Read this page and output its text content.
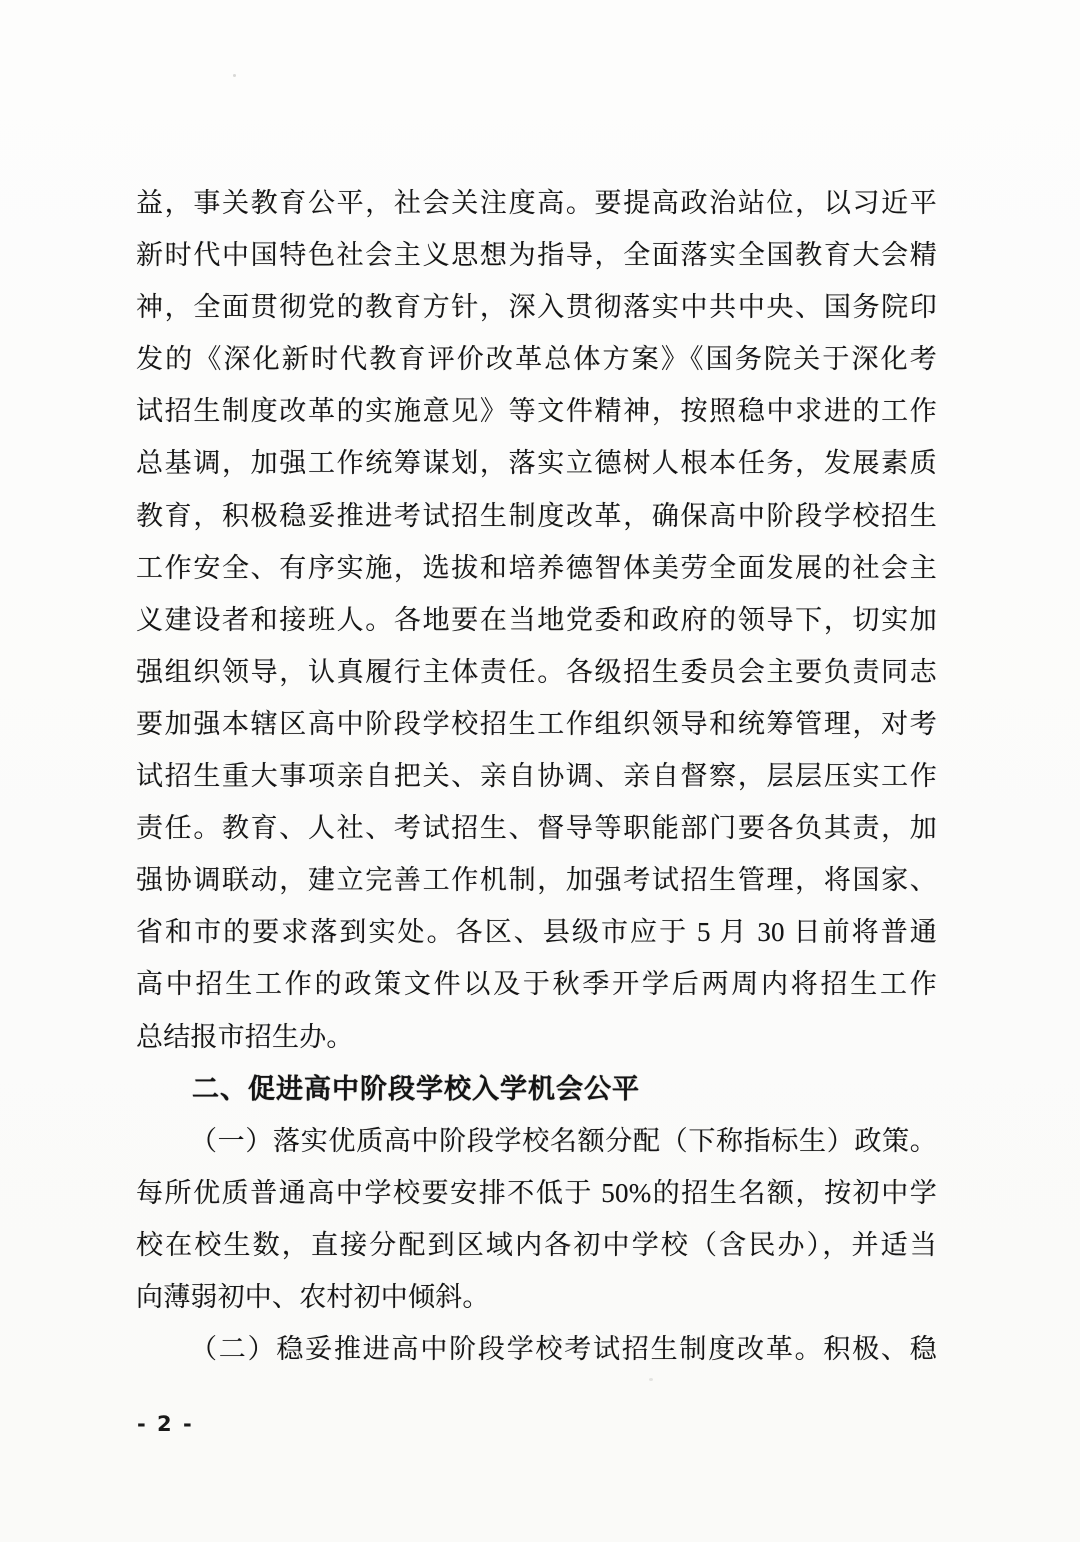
益，事关教育公平，社会关注度高。要提高政治站位，以习近平
新时代中国特色社会主义思想为指导，全面落实全国教育大会精
神，全面贯彻党的教育方针，深入贯彻落实中共中央、国务院印
发的《深化新时代教育评价改革总体方案》《国务院关于深化考
试招生制度改革的实施意见》等文件精神，按照稳中求进的工作
总基调，加强工作统筹谋划，落实立德树人根本任务，发展素质
教育，积极稳妥推进考试招生制度改革，确保高中阶段学校招生
工作安全、有序实施，选拔和培养德智体美劳全面发展的社会主
义建设者和接班人。各地要在当地党委和政府的领导下，切实加
强组织领导，认真履行主体责任。各级招生委员会主要负责同志
要加强本辖区高中阶段学校招生工作组织领导和统筹管理，对考
试招生重大事项亲自把关、亲自协调、亲自督察，层层压实工作
责任。教育、人社、考试招生、督导等职能部门要各负其责，加
强协调联动，建立完善工作机制，加强考试招生管理，将国家、
省和市的要求落到实处。各区、县级市应于 5 月 30 日前将普通
高中招生工作的政策文件以及于秋季开学后两周内将招生工作
总结报市招生办。
二、促进高中阶段学校入学机会公平
（一）落实优质高中阶段学校名额分配（下称指标生）政策。
每所优质普通高中学校要安排不低于 50%的招生名额，按初中学
校在校生数，直接分配到区域内各初中学校（含民办），并适当
向薄弱初中、农村初中倾斜。
（二）稳妥推进高中阶段学校考试招生制度改革。积极、稳
- 2 -
